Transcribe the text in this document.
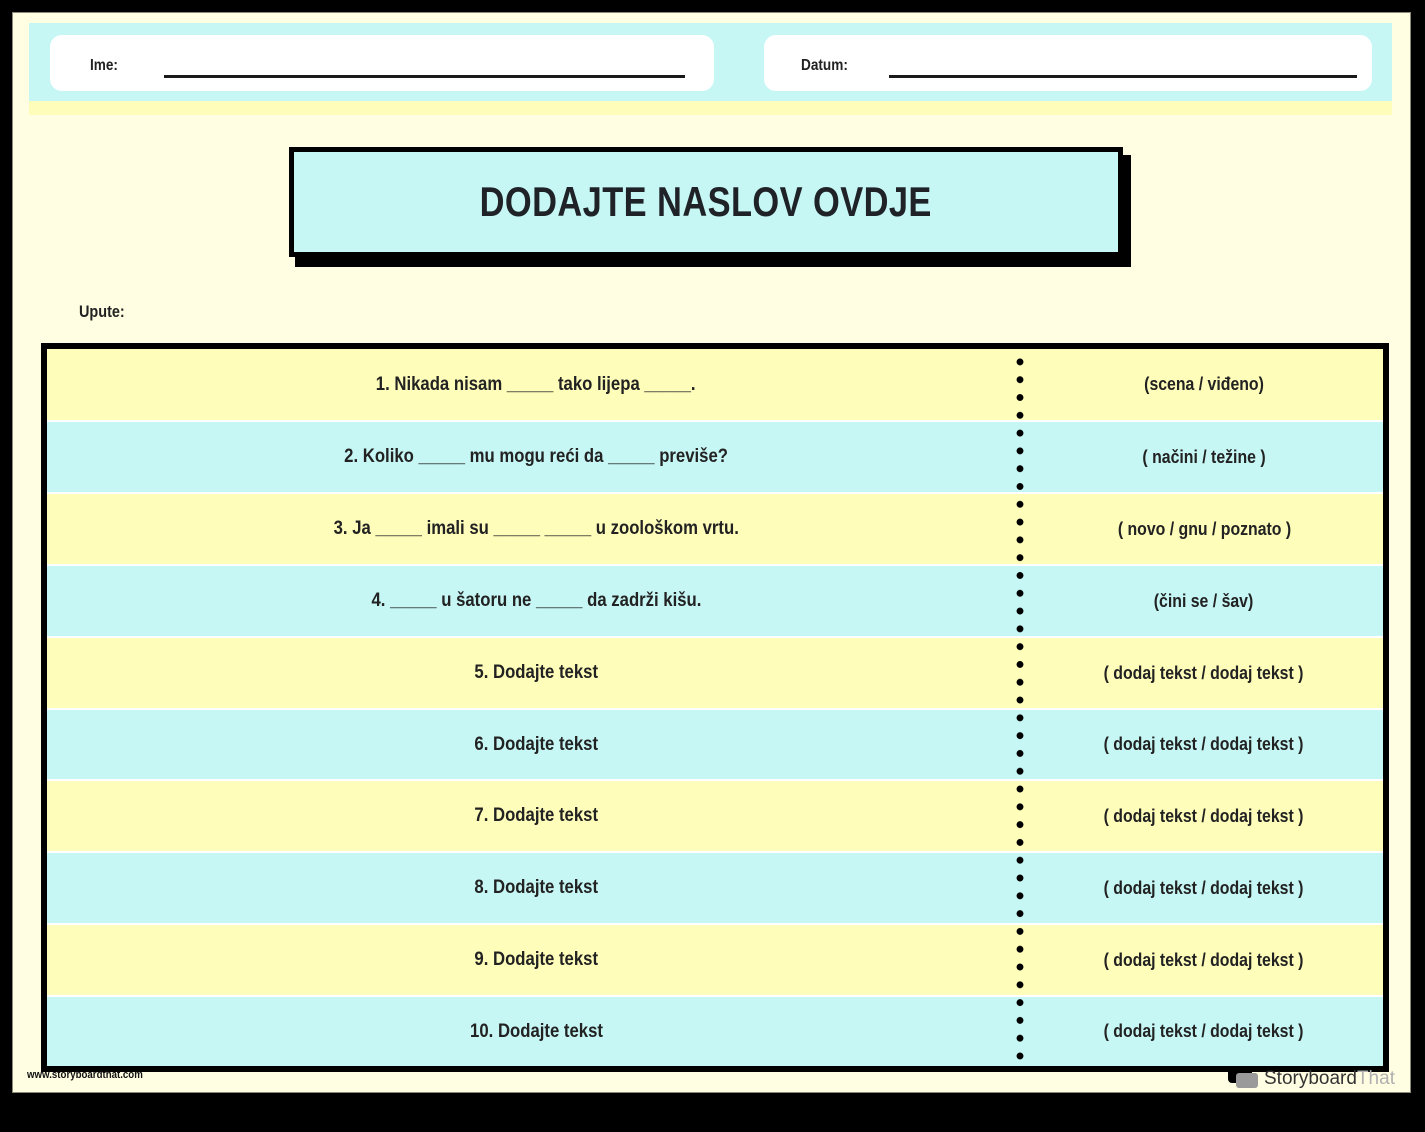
Ime:	Datum:
DODAJTE NASLOV OVDJE
Upute:
1. Nikada nisam _____ tako lijepa _____.	(scena / viđeno)
2. Koliko _____ mu mogu reći da _____ previše?	( načini / težine )
3. Ja _____ imali su _____ _____ u zoološkom vrtu.	( novo / gnu / poznato )
4. _____ u šatoru ne _____ da zadrži kišu.	(čini se / šav)
5. Dodajte tekst	( dodaj tekst / dodaj tekst )
6. Dodajte tekst	( dodaj tekst / dodaj tekst )
7. Dodajte tekst	( dodaj tekst / dodaj tekst )
8. Dodajte tekst	( dodaj tekst / dodaj tekst )
9. Dodajte tekst	( dodaj tekst / dodaj tekst )
10. Dodajte tekst	( dodaj tekst / dodaj tekst )
www.storyboardthat.com	StoryboardThat
